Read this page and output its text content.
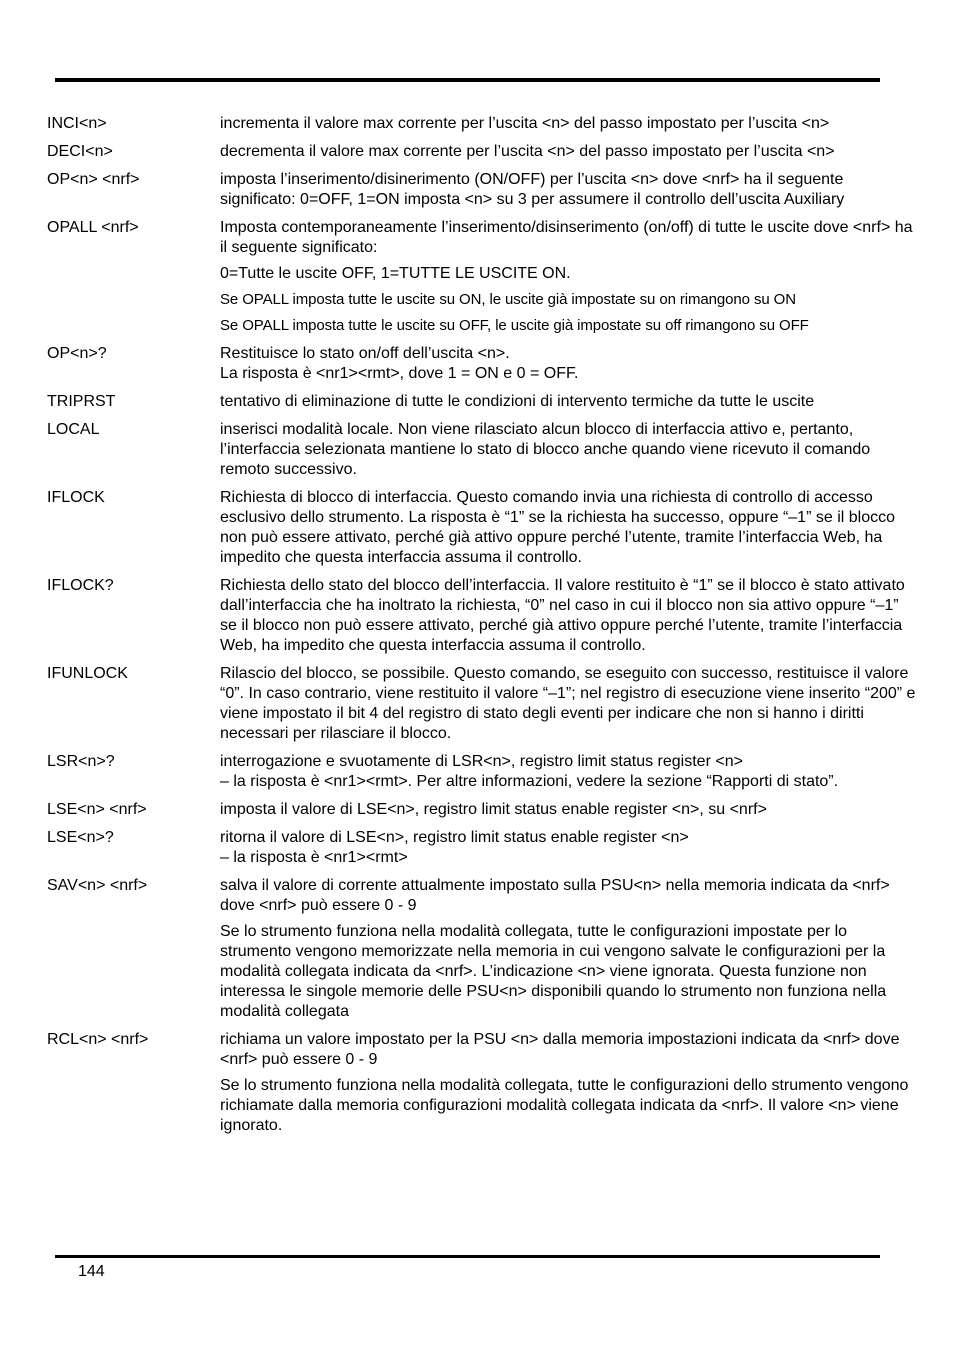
INCI<n>	incrementa il valore max corrente per l’uscita <n> del passo impostato per l’uscita <n>
DECI<n>	decrementa il valore max corrente per l’uscita <n> del passo impostato per l’uscita <n>
OP<n> <nrf>	imposta l’inserimento/disinerimento (ON/OFF) per l’uscita <n> dove <nrf> ha il seguente significato: 0=OFF, 1=ON imposta <n> su 3 per assumere il controllo dell’uscita Auxiliary
OPALL <nrf>	Imposta contemporaneamente l’inserimento/disinserimento (on/off) di tutte le uscite dove <nrf> ha il seguente significato:
0=Tutte le uscite OFF, 1=TUTTE LE USCITE ON.
Se OPALL imposta tutte le uscite su ON, le uscite già impostate su on rimangono su ON
Se OPALL imposta tutte le uscite su OFF, le uscite già impostate su off rimangono su OFF
OP<n>?	Restituisce lo stato on/off dell’uscita <n>.
La risposta è <nr1><rmt>, dove 1 = ON e 0 = OFF.
TRIPRST	tentativo di eliminazione di tutte le condizioni di intervento termiche da tutte le uscite
LOCAL	inserisci modalità locale. Non viene rilasciato alcun blocco di interfaccia attivo e, pertanto, l’interfaccia selezionata mantiene lo stato di blocco anche quando viene ricevuto il comando remoto successivo.
IFLOCK	Richiesta di blocco di interfaccia. Questo comando invia una richiesta di controllo di accesso esclusivo dello strumento. La risposta è “1” se la richiesta ha successo, oppure “–1” se il blocco non può essere attivato, perché già attivo oppure perché l’utente, tramite l’interfaccia Web, ha impedito che questa interfaccia assuma il controllo.
IFLOCK?	Richiesta dello stato del blocco dell’interfaccia. Il valore restituito è “1” se il blocco è stato attivato dall’interfaccia che ha inoltrato la richiesta, “0” nel caso in cui il blocco non sia attivo oppure “–1” se il blocco non può essere attivato, perché già attivo oppure perché l’utente, tramite l’interfaccia Web, ha impedito che questa interfaccia assuma il controllo.
IFUNLOCK	Rilascio del blocco, se possibile. Questo comando, se eseguito con successo, restituisce il valore “0”. In caso contrario, viene restituito il valore “–1”; nel registro di esecuzione viene inserito “200” e viene impostato il bit 4 del registro di stato degli eventi per indicare che non si hanno i diritti necessari per rilasciare il blocco.
LSR<n>?	interrogazione e svuotamente di LSR<n>, registro limit status register <n>
– la risposta è <nr1><rmt>. Per altre informazioni, vedere la sezione “Rapporti di stato”.
LSE<n> <nrf>	imposta il valore di LSE<n>, registro limit status enable register <n>, su <nrf>
LSE<n>?	ritorna il valore di LSE<n>, registro limit status enable register <n>
– la risposta è <nr1><rmt>
SAV<n> <nrf>	salva il valore di corrente attualmente impostato sulla PSU<n> nella memoria indicata da <nrf> dove <nrf> può essere 0 - 9
Se lo strumento funziona nella modalità collegata, tutte le configurazioni impostate per lo strumento vengono memorizzate nella memoria in cui vengono salvate le configurazioni per la modalità collegata indicata da <nrf>. L’indicazione <n> viene ignorata. Questa funzione non interessa le singole memorie delle PSU<n> disponibili quando lo strumento non funziona nella modalità collegata
RCL<n> <nrf>	richiama un valore impostato per la PSU <n> dalla memoria impostazioni indicata da <nrf> dove <nrf> può essere 0 - 9
Se lo strumento funziona nella modalità collegata, tutte le configurazioni dello strumento vengono richiamate dalla memoria configurazioni modalità collegata indicata da <nrf>. Il valore <n> viene ignorato.
144
